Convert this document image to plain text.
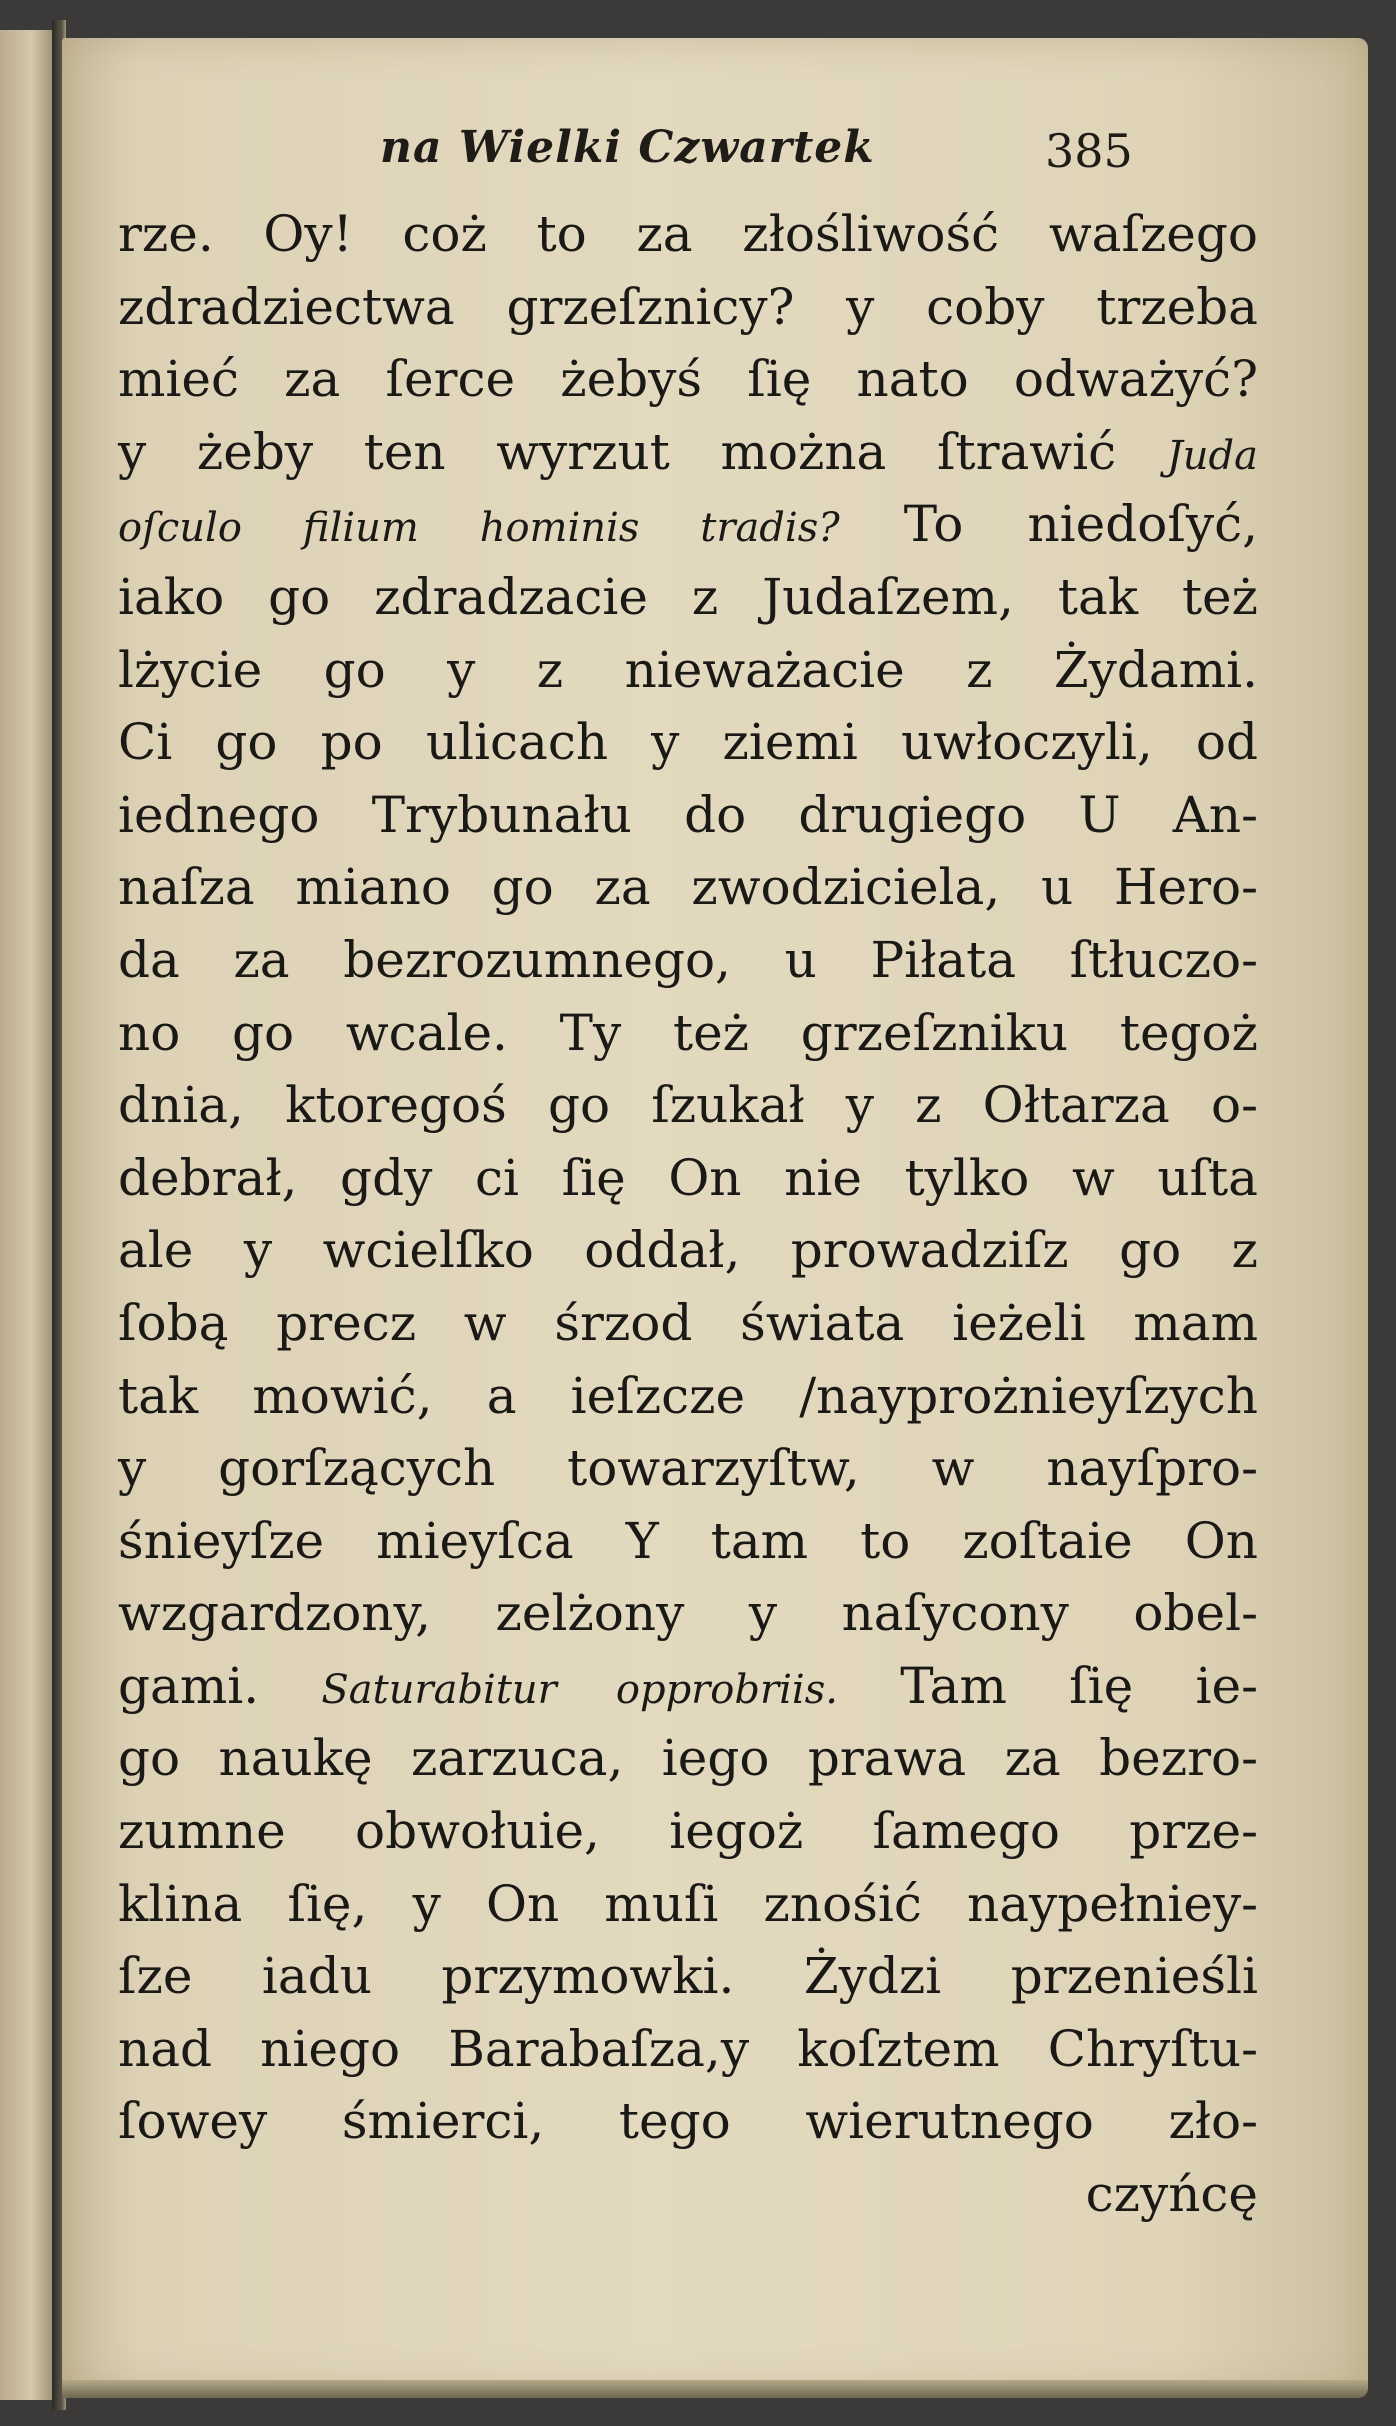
na Wielki Czwartek	385
rze. Oy! coż to za złośliwość waſzego
zdradziectwa grzeſznicy? y coby trzeba
mieć za ſerce żebyś ſię nato odważyć?
y żeby ten wyrzut można ſtrawić Juda
oſculo filium hominis tradis? To niedoſyć,
iako go zdradzacie z Judaſzem, tak też
lżycie go y z nieważacie z Żydami.
Ci go po ulicach y ziemi uwłoczyli, od
iednego Trybunału do drugiego U An-
naſza miano go za zwodziciela, u Hero-
da za bezrozumnego, u Piłata ſtłuczo-
no go wcale. Ty też grzeſzniku tegoż
dnia, ktoregoś go ſzukał y z Ołtarza o-
debrał, gdy ci ſię On nie tylko w uſta
ale y wcielſko oddał, prowadziſz go z
ſobą precz w śrzod świata ieżeli mam
tak mowić, a ieſzcze /nayprożnieyſzych
y gorſzących towarzyſtw, w nayſpro-
śnieyſze mieyſca Y tam to zoſtaie On
wzgardzony, zelżony y naſycony obel-
gami. Saturabitur opprobriis. Tam ſię ie-
go naukę zarzuca, iego prawa za bezro-
zumne obwołuie, iegoż ſamego prze-
klina ſię, y On muſi znośić naypełniey-
ſze iadu przymowki. Żydzi przenieśli
nad niego Barabaſza,y koſztem Chryſtu-
ſowey śmierci, tego wierutnego zło-
czyńcę
